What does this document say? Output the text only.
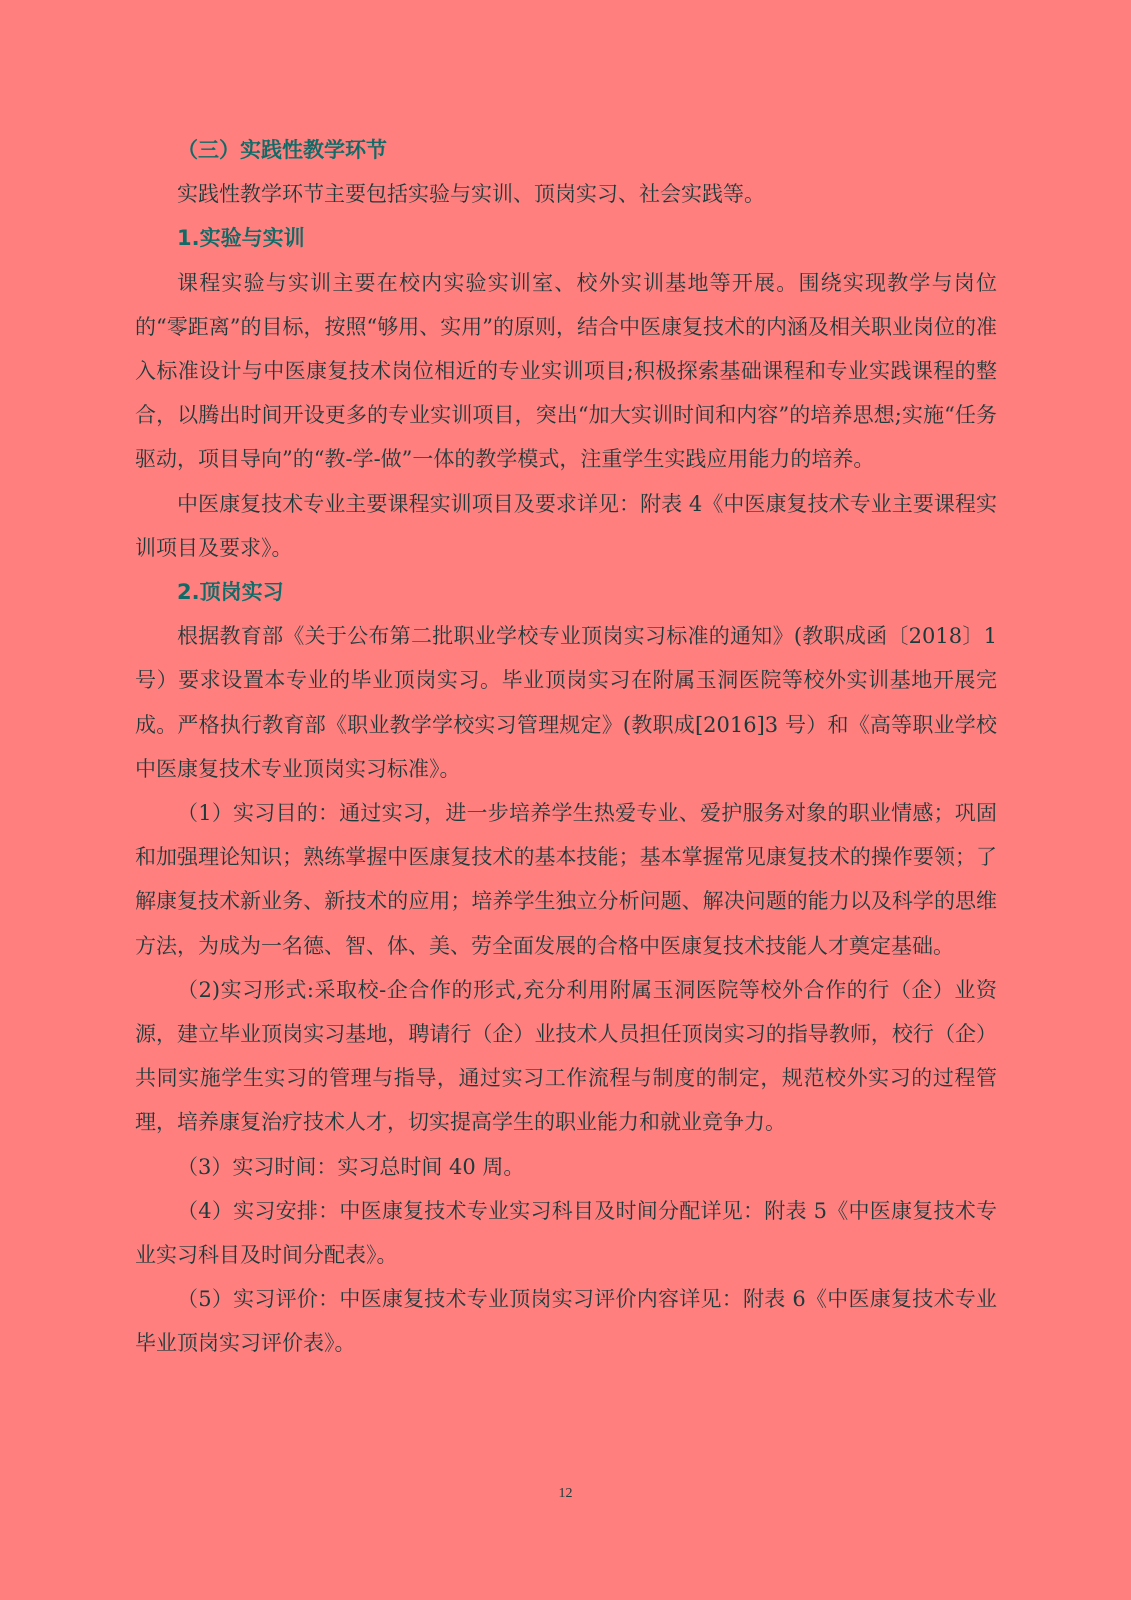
（三）实践性教学环节

实践性教学环节主要包括实验与实训、顶岗实习、社会实践等。

1.实验与实训

课程实验与实训主要在校内实验实训室、校外实训基地等开展。围绕实现教学与岗位的“零距离”的目标，按照“够用、实用”的原则，结合中医康复技术的内涵及相关职业岗位的准入标准设计与中医康复技术岗位相近的专业实训项目;积极探索基础课程和专业实践课程的整合，以腾出时间开设更多的专业实训项目，突出“加大实训时间和内容”的培养思想;实施“任务驱动，项目导向”的“教-学-做”一体的教学模式，注重学生实践应用能力的培养。

中医康复技术专业主要课程实训项目及要求详见：附表 4《中医康复技术专业主要课程实训项目及要求》。

2.顶岗实习

根据教育部《关于公布第二批职业学校专业顶岗实习标准的通知》(教职成函〔2018〕1 号）要求设置本专业的毕业顶岗实习。毕业顶岗实习在附属玉洞医院等校外实训基地开展完成。严格执行教育部《职业教学学校实习管理规定》(教职成[2016]3 号）和《高等职业学校中医康复技术专业顶岗实习标准》。

（1）实习目的：通过实习，进一步培养学生热爱专业、爱护服务对象的职业情感；巩固和加强理论知识；熟练掌握中医康复技术的基本技能；基本掌握常见康复技术的操作要领；了解康复技术新业务、新技术的应用；培养学生独立分析问题、解决问题的能力以及科学的思维方法，为成为一名德、智、体、美、劳全面发展的合格中医康复技术技能人才奠定基础。

（2)实习形式:采取校-企合作的形式,充分利用附属玉洞医院等校外合作的行（企）业资源，建立毕业顶岗实习基地，聘请行（企）业技术人员担任顶岗实习的指导教师，校行（企）共同实施学生实习的管理与指导，通过实习工作流程与制度的制定，规范校外实习的过程管理，培养康复治疗技术人才，切实提高学生的职业能力和就业竞争力。

（3）实习时间：实习总时间 40 周。

（4）实习安排：中医康复技术专业实习科目及时间分配详见：附表 5《中医康复技术专业实习科目及时间分配表》。

（5）实习评价：中医康复技术专业顶岗实习评价内容详见：附表 6《中医康复技术专业毕业顶岗实习评价表》。

12
